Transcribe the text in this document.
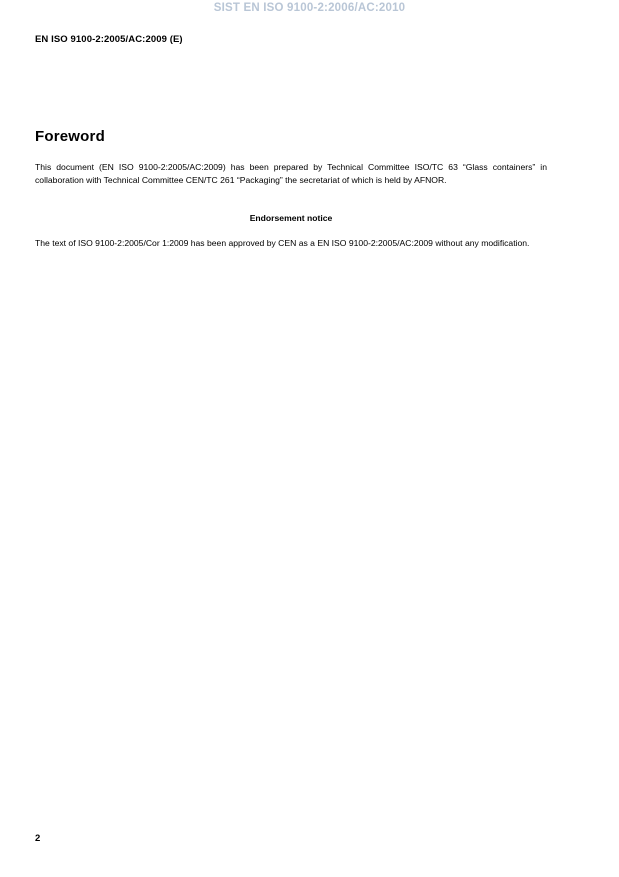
SIST EN ISO 9100-2:2006/AC:2010
EN ISO 9100-2:2005/AC:2009 (E)
Foreword
This document (EN ISO 9100-2:2005/AC:2009) has been prepared by Technical Committee ISO/TC 63 “Glass containers” in collaboration with Technical Committee CEN/TC 261 “Packaging” the secretariat of which is held by AFNOR.
Endorsement notice
The text of ISO 9100-2:2005/Cor 1:2009 has been approved by CEN as a EN ISO 9100-2:2005/AC:2009 without any modification.
2
